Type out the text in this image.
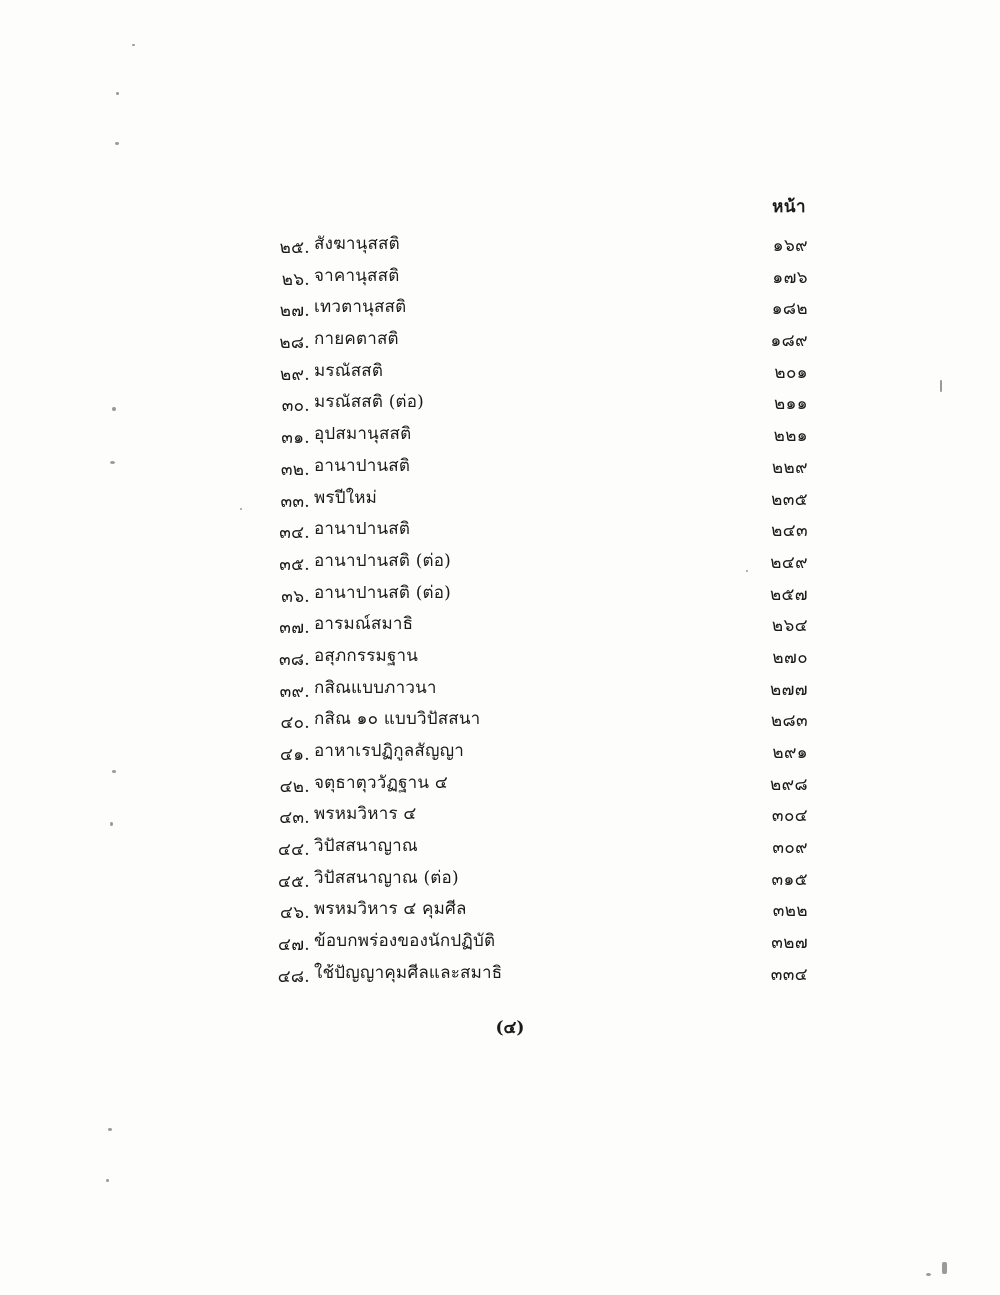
หน้า
๒๕. สังฆานุสสติ	๑๖๙
๒๖. จาคานุสสติ	๑๗๖
๒๗. เทวตานุสสติ	๑๘๒
๒๘. กายคตาสติ	๑๘๙
๒๙. มรณัสสติ	๒๐๑
๓๐. มรณัสสติ (ต่อ)	๒๑๑
๓๑. อุปสมานุสสติ	๒๒๑
๓๒. อานาปานสติ	๒๒๙
๓๓. พรปีใหม่	๒๓๕
๓๔. อานาปานสติ	๒๔๓
๓๕. อานาปานสติ (ต่อ)	๒๔๙
๓๖. อานาปานสติ (ต่อ)	๒๕๗
๓๗. อารมณ์สมาธิ	๒๖๔
๓๘. อสุภกรรมฐาน	๒๗๐
๓๙. กสิณแบบภาวนา	๒๗๗
๔๐. กสิณ ๑๐ แบบวิปัสสนา	๒๘๓
๔๑. อาหาเรปฏิกูลสัญญา	๒๙๑
๔๒. จตุธาตุววัฏฐาน ๔	๒๙๘
๔๓. พรหมวิหาร ๔	๓๐๔
๔๔. วิปัสสนาญาณ	๓๐๙
๔๕. วิปัสสนาญาณ (ต่อ)	๓๑๕
๔๖. พรหมวิหาร ๔ คุมศีล	๓๒๒
๔๗. ข้อบกพร่องของนักปฏิบัติ	๓๒๗
๔๘. ใช้ปัญญาคุมศีลและสมาธิ	๓๓๔
(๔)
